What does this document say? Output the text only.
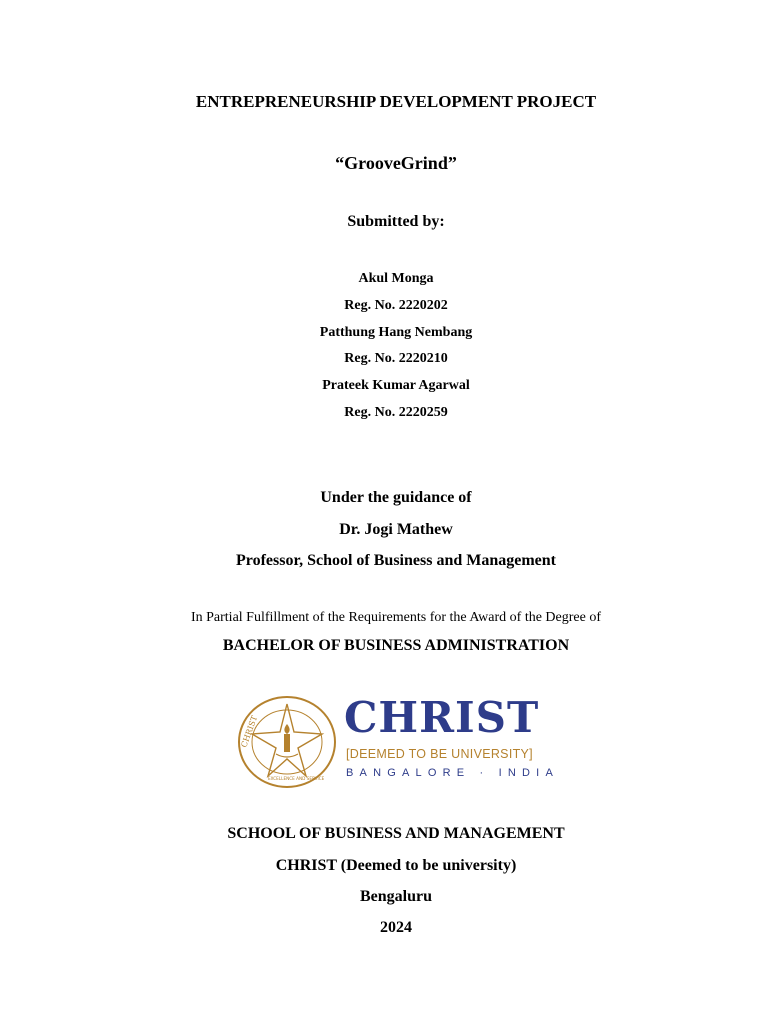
ENTREPRENEURSHIP DEVELOPMENT PROJECT
“GrooveGrind”
Submitted by:
Akul Monga
Reg. No. 2220202
Patthung Hang Nembang
Reg. No. 2220210
Prateek Kumar Agarwal
Reg. No. 2220259
Under the guidance of
Dr. Jogi Mathew
Professor, School of Business and Management
In Partial Fulfillment of the Requirements for the Award of the Degree of
BACHELOR OF BUSINESS ADMINISTRATION
CHRIST
EXCELLENCE AND SERVICE
CHRIST
[DEEMED TO BE UNIVERSITY]
BANGALORE · INDIA
SCHOOL OF BUSINESS AND MANAGEMENT
CHRIST (Deemed to be university)
Bengaluru
2024
